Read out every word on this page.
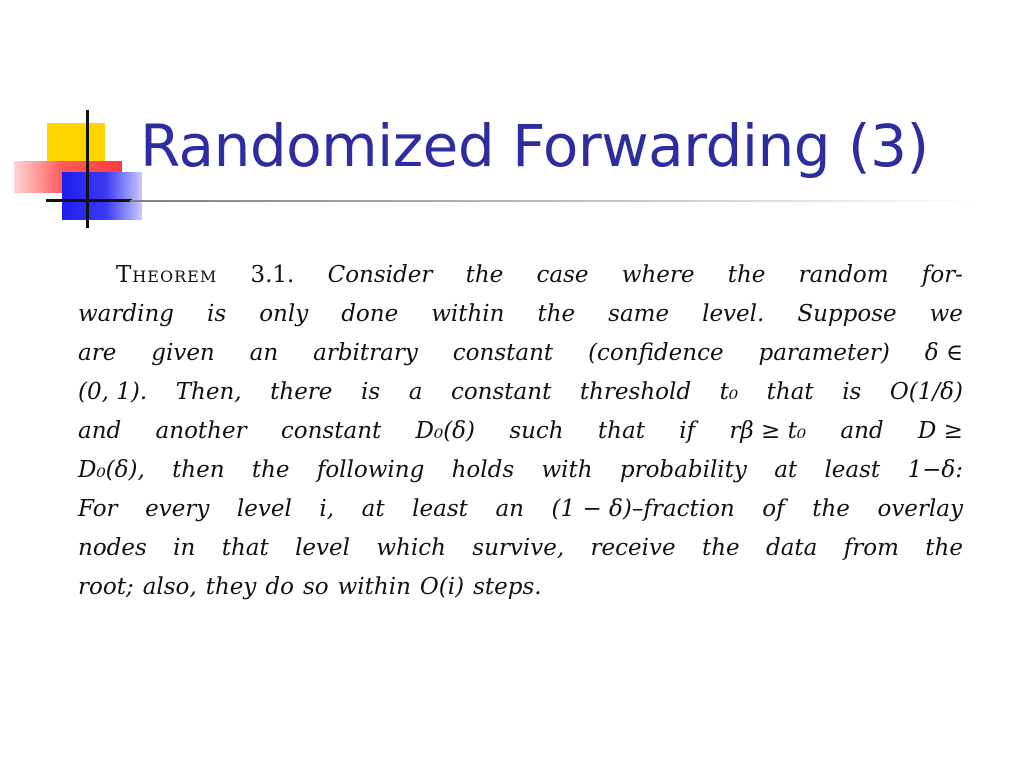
Randomized Forwarding (3)
Theorem 3.1. Consider the case where the random for-
warding is only done within the same level. Suppose we
are given an arbitrary constant (confidence parameter) δ ∈
(0, 1). Then, there is a constant threshold t₀ that is O(1/δ)
and another constant D₀(δ) such that if rβ ≥ t₀ and D ≥
D₀(δ), then the following holds with probability at least 1−δ:
For every level i, at least an (1 − δ)–fraction of the overlay
nodes in that level which survive, receive the data from the
root; also, they do so within O(i) steps.
